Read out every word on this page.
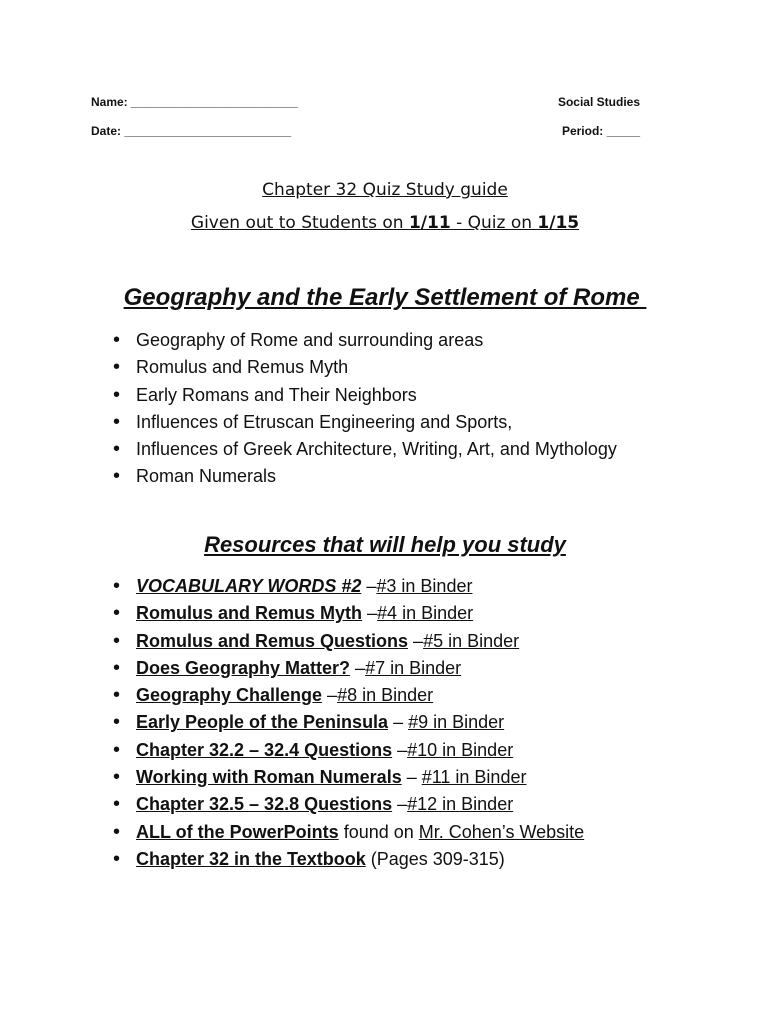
Name: _________________________
Date: _________________________
Social Studies
Period: _____
Chapter 32 Quiz Study guide
Given out to Students on 1/11 - Quiz on 1/15
Geography and the Early Settlement of Rome
• Geography of Rome and surrounding areas
• Romulus and Remus Myth
• Early Romans and Their Neighbors
• Influences of Etruscan Engineering and Sports,
• Influences of Greek Architecture, Writing, Art, and Mythology
• Roman Numerals
Resources that will help you study
• VOCABULARY WORDS #2 –#3 in Binder
• Romulus and Remus Myth –#4 in Binder
• Romulus and Remus Questions –#5 in Binder
• Does Geography Matter? –#7 in Binder
• Geography Challenge –#8 in Binder
• Early People of the Peninsula – #9 in Binder
• Chapter 32.2 – 32.4 Questions –#10 in Binder
• Working with Roman Numerals – #11 in Binder
• Chapter 32.5 – 32.8 Questions –#12 in Binder
• ALL of the PowerPoints found on Mr. Cohen’s Website
• Chapter 32 in the Textbook (Pages 309-315)
